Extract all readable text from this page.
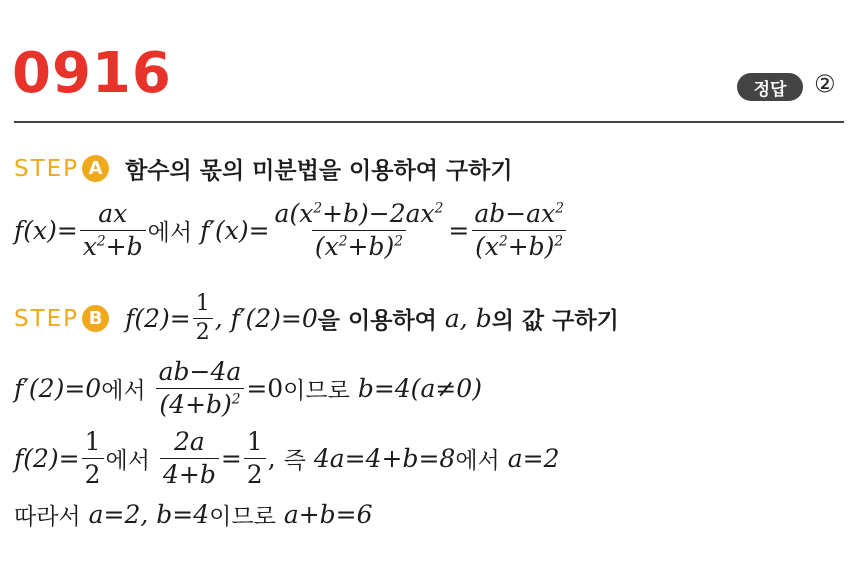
0916	정답	②
STEP A 함수의 몫의 미분법을 이용하여 구하기
$f(x)= \frac{ax}{x^2+b}$ 에서 $f'(x)= \frac{a(x^2+b)-2ax^2}{(x^2+b)^2} = \frac{ab-ax^2}{(x^2+b)^2}$
STEP B $f(2)= \frac{1}{2}$ , f′(2)=0 을 이용하여 a, b 의 값 구하기
f′(2)=0 에서 $\frac{ab-4a}{(4+b)^2} =0$ 이므로 b=4(a≠0)
$f(2)= \frac{1}{2}$ 에서 $\frac{2a}{4+b} = \frac{1}{2}$ , 즉 4a=4+b=8 에서 a=2
따라서 a=2, b=4 이므로 a+b=6
